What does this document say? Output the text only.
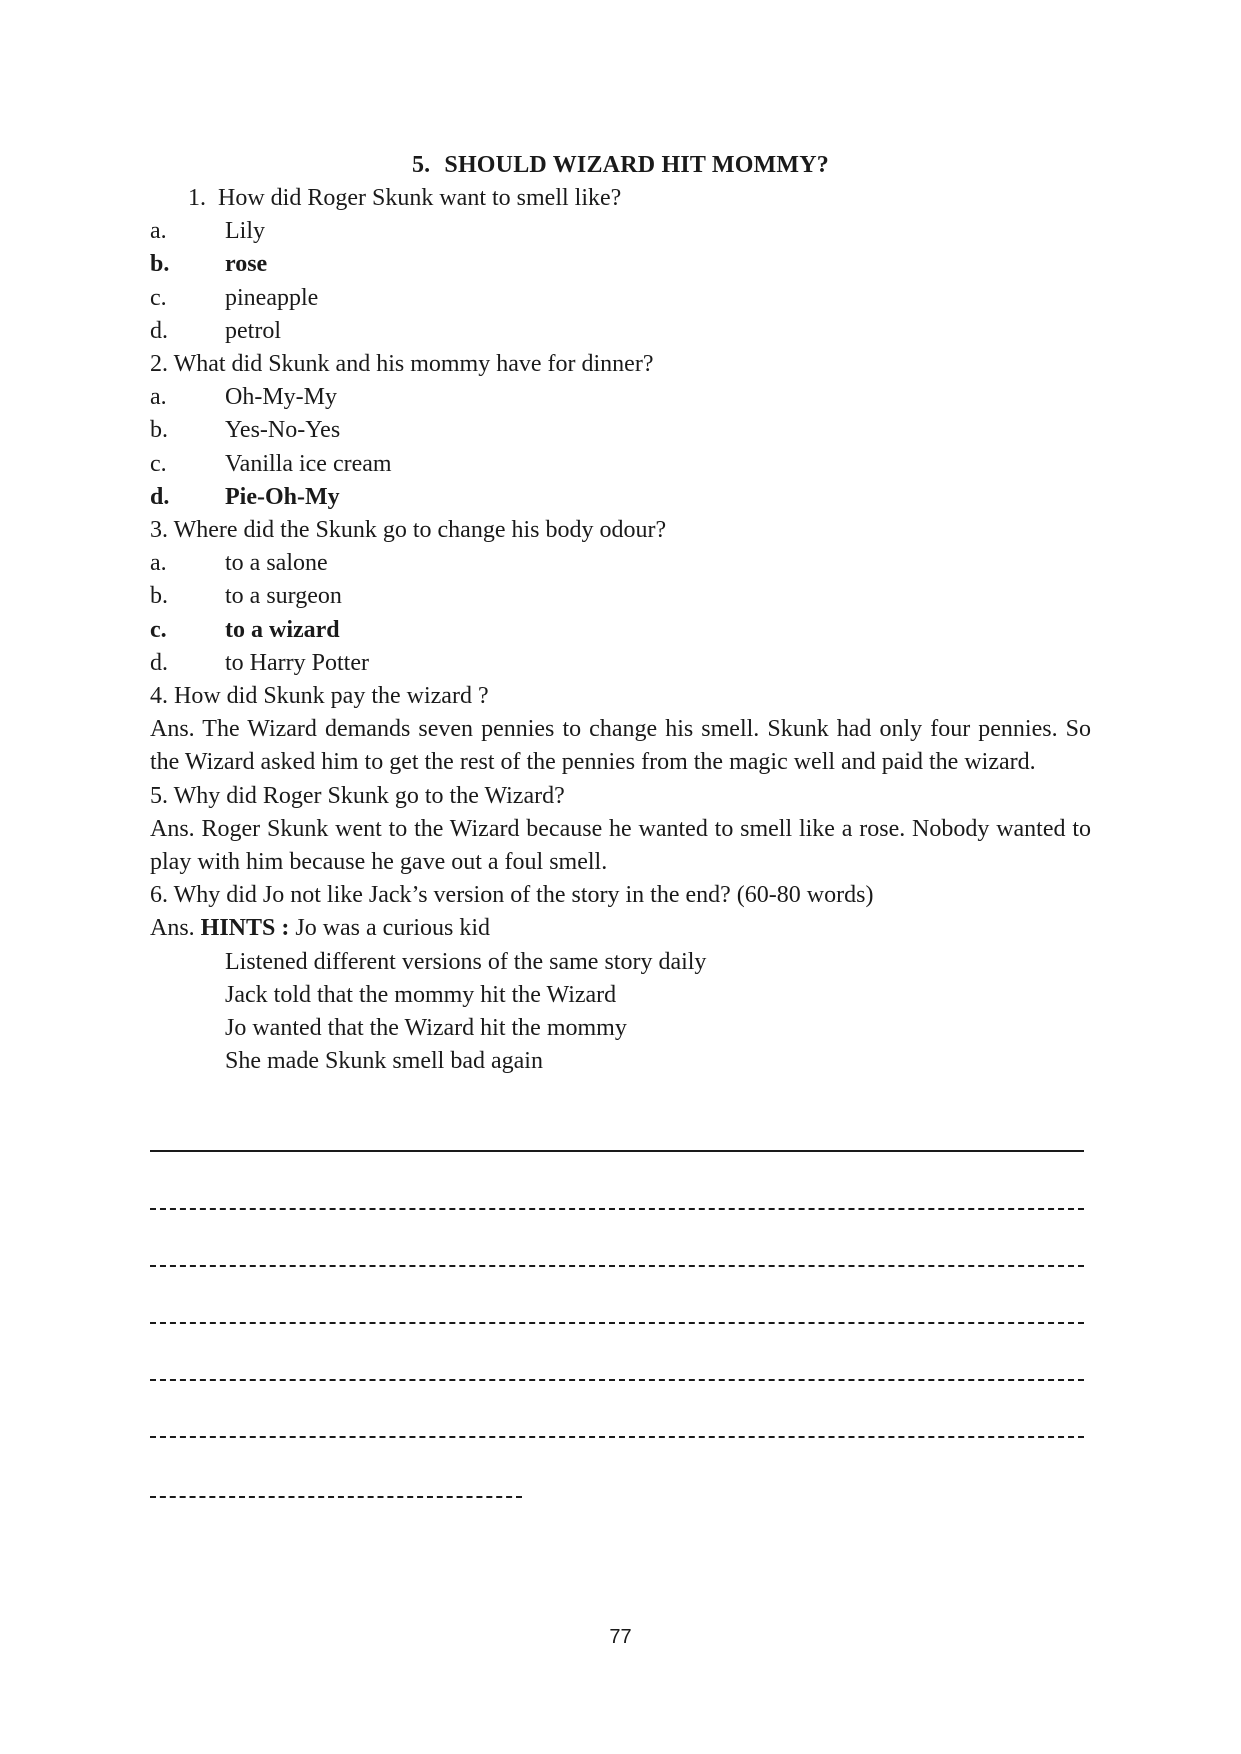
5. SHOULD WIZARD HIT MOMMY?
1.  How did Roger Skunk want to smell like?
a.	Lily
b.	rose
c.	pineapple
d.	petrol
2. What did Skunk and his mommy have for dinner?
a.	Oh-My-My
b.	Yes-No-Yes
c.	Vanilla ice cream
d.	Pie-Oh-My
3. Where did the Skunk go to change his body odour?
a.	to a salone
b.	to a surgeon
c.	to a wizard
d.	to Harry Potter
4. How did Skunk pay the wizard ?
Ans. The Wizard demands seven pennies to change his smell. Skunk had only four pennies. So the Wizard asked him to get the rest of the pennies from the magic well and paid the wizard.
5. Why did Roger Skunk go to the Wizard?
Ans. Roger Skunk went to the Wizard because he wanted to smell like a rose. Nobody wanted to play with him because he gave out a foul smell.
6. Why did Jo not like Jack’s version of the story in the end? (60-80 words)
Ans. HINTS : Jo was a curious kid
Listened different versions of the same story daily
Jack told that the mommy hit the Wizard
Jo wanted that the Wizard hit the mommy
She made Skunk smell bad again
77
